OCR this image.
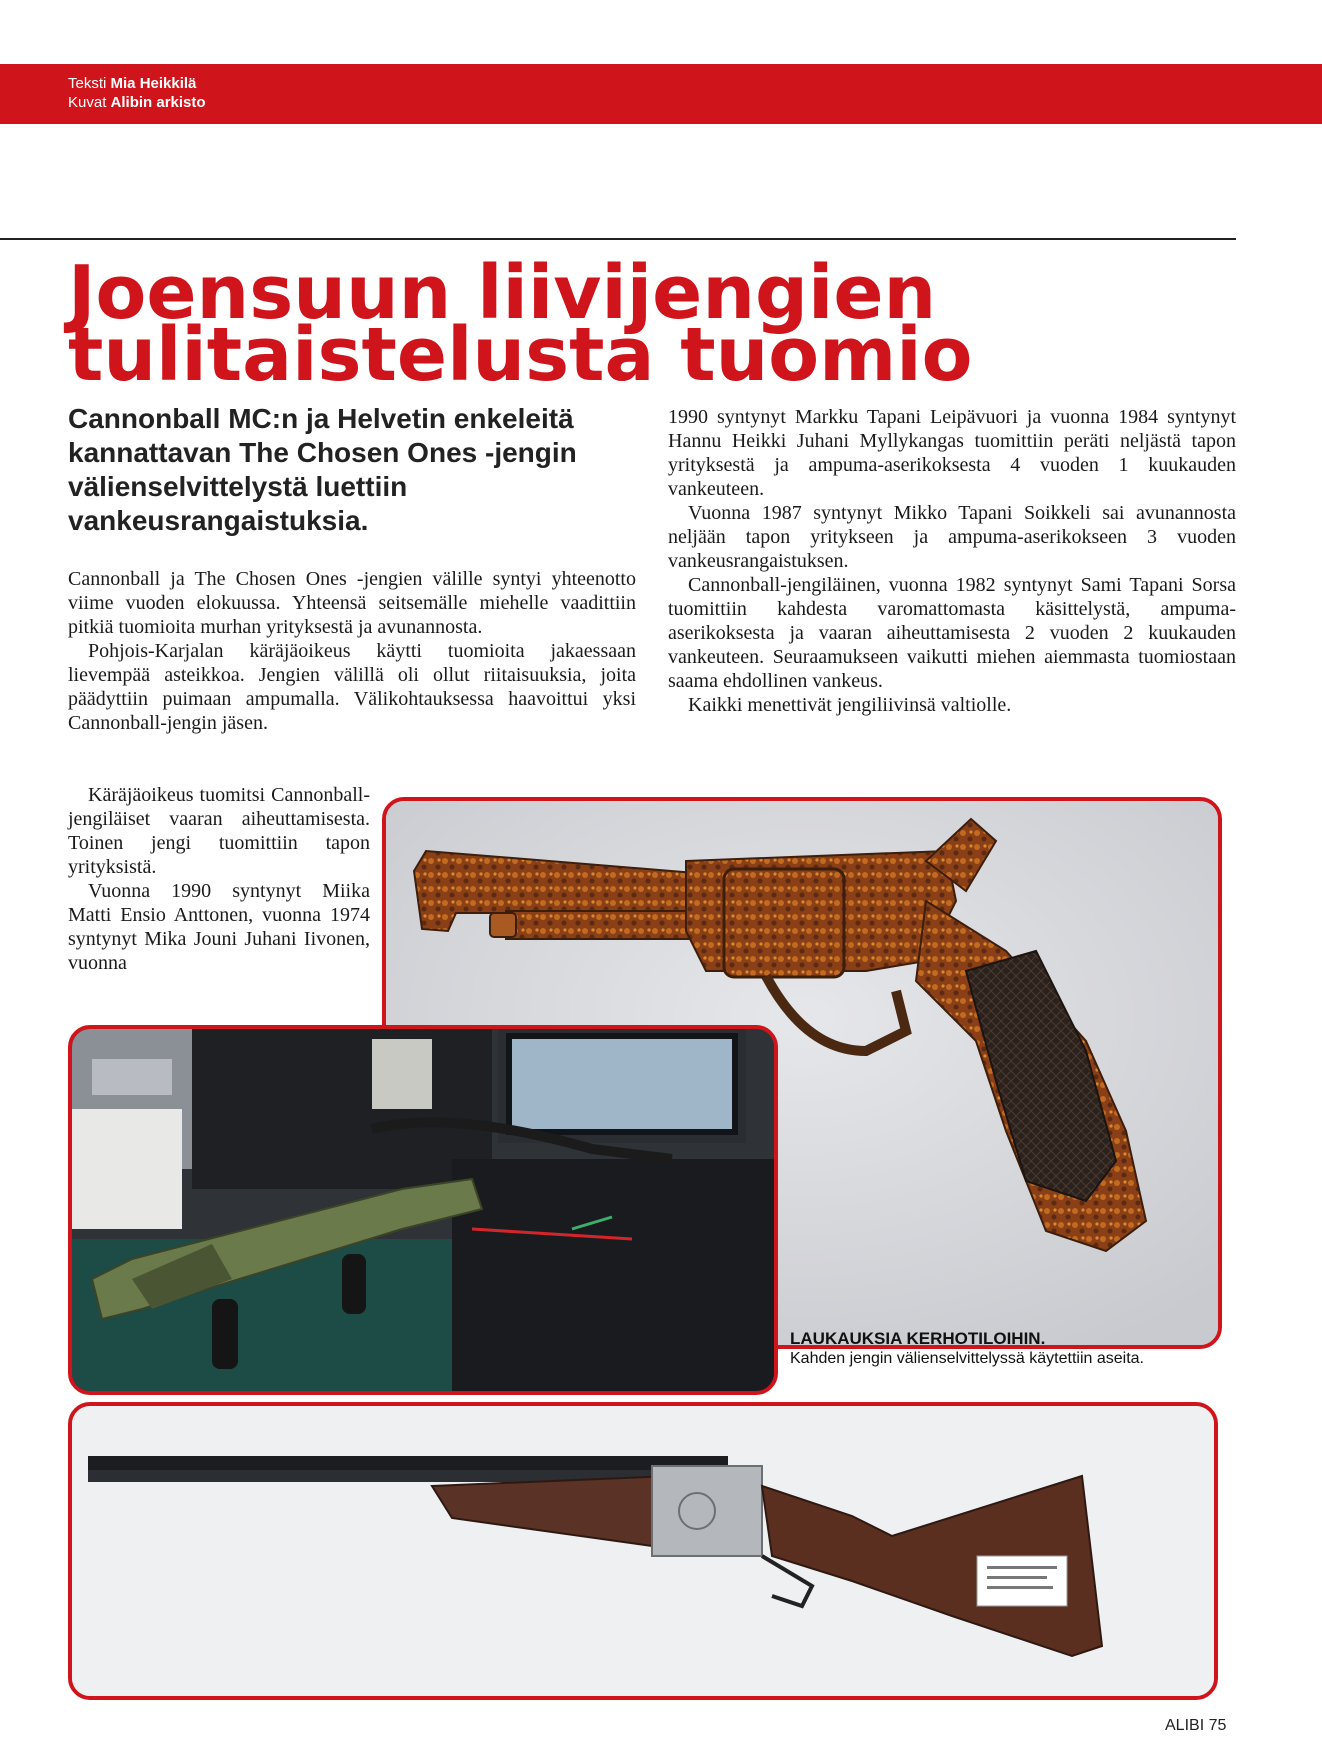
Teksti Mia Heikkilä
Kuvat Alibin arkisto
Joensuun liivijengien
tulitaistelusta tuomio

Cannonball MC:n ja Helvetin enkeleitä kannattavan The Chosen Ones -jengin välienselvittelystä luettiin vankeusrangaistuksia.

Cannonball ja The Chosen Ones -jengien välille syntyi yhteenotto viime vuoden elokuussa. Yhteensä seitsemälle miehelle vaadittiin pitkiä tuomioita murhan yrityksestä ja avunannosta.

Pohjois-Karjalan käräjäoikeus käytti tuomioita jakaessaan lievempää asteikkoa. Jengien välillä oli ollut riitaisuuksia, joita päädyttiin puimaan ampumalla. Välikohtauksessa haavoittui yksi Cannonball-jengin jäsen.

Käräjäoikeus tuomitsi Cannonball-jengiläiset vaaran aiheuttamisesta. Toinen jengi tuomittiin tapon yrityksistä.

Vuonna 1990 syntynyt Miika Matti Ensio Anttonen, vuonna 1974 syntynyt Mika Jouni Juhani Iivonen, vuonna

1990 syntynyt Markku Tapani Leipävuori ja vuonna 1984 syntynyt Hannu Heikki Juhani Myllykangas tuomittiin peräti neljästä tapon yrityksestä ja ampuma-aserikoksesta 4 vuoden 1 kuukauden vankeuteen.

Vuonna 1987 syntynyt Mikko Tapani Soikkeli sai avunannosta neljään tapon yritykseen ja ampuma-aserikokseen 3 vuoden vankeusrangaistuksen.

Cannonball-jengiläinen, vuonna 1982 syntynyt Sami Tapani Sorsa tuomittiin kahdesta varomattomasta käsittelystä, ampuma-aserikoksesta ja vaaran aiheuttamisesta 2 vuoden 2 kuukauden vankeuteen. Seuraamukseen vaikutti miehen aiemmasta tuomiostaan saama ehdollinen vankeus.

Kaikki menettivät jengiliivinsä valtiolle.

LAUKAUKSIA KERHOTILOIHIN.
Kahden jengin välienselvittelyssä käytettiin aseita.
ALIBI 75
